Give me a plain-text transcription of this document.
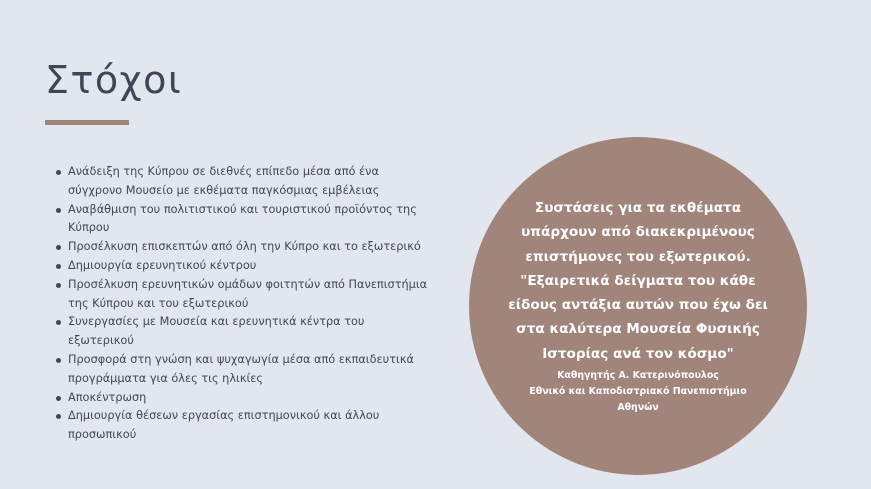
Στόχοι
Ανάδειξη της Κύπρου σε διεθνές επίπεδο μέσα από ένα σύγχρονο Μουσείο με εκθέματα παγκόσμιας εμβέλειας
Αναβάθμιση του πολιτιστικού και τουριστικού προϊόντος της Κύπρου
Προσέλκυση επισκεπτών από όλη την Κύπρο και το εξωτερικό
Δημιουργία ερευνητικού κέντρου
Προσέλκυση ερευνητικών ομάδων φοιτητών από Πανεπιστήμια της Κύπρου και του εξωτερικού
Συνεργασίες με Μουσεία και ερευνητικά κέντρα του εξωτερικού
Προσφορά στη γνώση και ψυχαγωγία μέσα από εκπαιδευτικά προγράμματα για όλες τις ηλικίες
Αποκέντρωση
Δημιουργία θέσεων εργασίας επιστημονικού και άλλου προσωπικού

Συστάσεις για τα εκθέματα υπάρχουν από διακεκριμένους επιστήμονες του εξωτερικού. "Εξαιρετικά δείγματα του κάθε είδους αντάξια αυτών που έχω δει στα καλύτερα Μουσεία Φυσικής Ιστορίας ανά τον κόσμο"

Καθηγητής Α. Κατερινόπουλος
Εθνικό και Καποδιστριακό Πανεπιστήμιο Αθηνών
